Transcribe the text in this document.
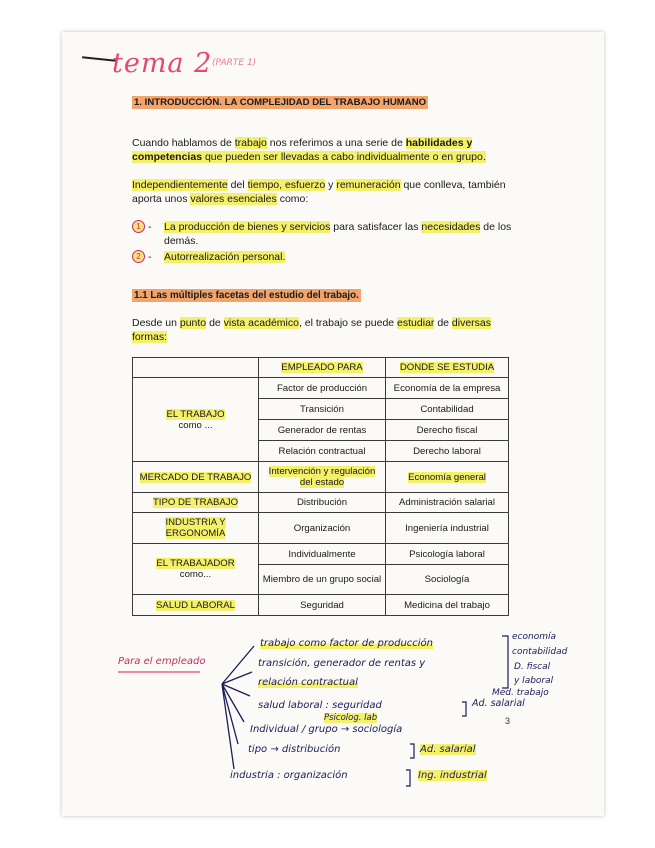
tema 2 (PARTE 1)
1. INTRODUCCIÓN. LA COMPLEJIDAD DEL TRABAJO HUMANO
Cuando hablamos de trabajo nos referimos a una serie de habilidades y
competencias que pueden ser llevadas a cabo individualmente o en grupo.
Independientemente del tiempo, esfuerzo y remuneración que conlleva, también
aporta unos valores esenciales como:
1 - La producción de bienes y servicios para satisfacer las necesidades de los
demás.
2 - Autorrealización personal.
1.1 Las múltiples facetas del estudio del trabajo.
Desde un punto de vista académico, el trabajo se puede estudiar de diversas
formas:
	EMPLEADO PARA	DONDE SE ESTUDIA
EL TRABAJO
como ...	Factor de producción	Economía de la empresa
	Transición	Contabilidad
	Generador de rentas	Derecho fiscal
	Relación contractual	Derecho laboral
MERCADO DE TRABAJO	Intervención y regulación del estado	Economía general
TIPO DE TRABAJO	Distribución	Administración salarial
INDUSTRIA Y ERGONOMÍA	Organización	Ingeniería industrial
EL TRABAJADOR
como...	Individualmente	Psicología laboral
	Miembro de un grupo social	Sociología
SALUD LABORAL	Seguridad	Medicina del trabajo
3
Para el empleado
trabajo como factor de producción
transición, generador de rentas y
relación contractual
salud laboral : seguridad	Ad. salarial
Psicolog. lab
Individual / grupo → sociología
tipo → distribución	Ad. salarial
industria : organización	Ing. industrial
economía
contabilidad
D. fiscal
y laboral
Med. trabajo
